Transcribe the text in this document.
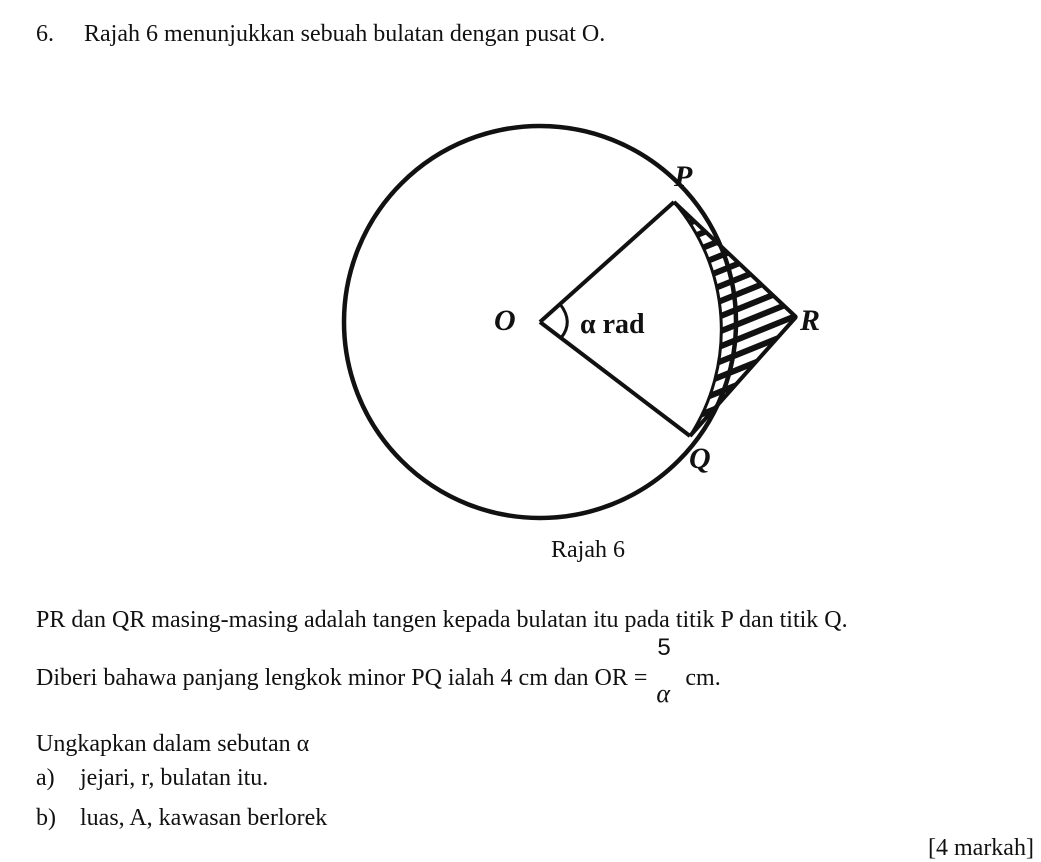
6. Rajah 6 menunjukkan sebuah bulatan dengan pusat O.

P
O	R
Q
α rad
Rajah 6

PR dan QR masing-masing adalah tangen kepada bulatan itu pada titik P dan titik Q.

Diberi bahawa panjang lengkok minor PQ ialah 4 cm dan OR =
5
α
cm.

Ungkapkan dalam sebutan α

a) jejari, r, bulatan itu.

b) luas, A, kawasan berlorek

[4 markah]
